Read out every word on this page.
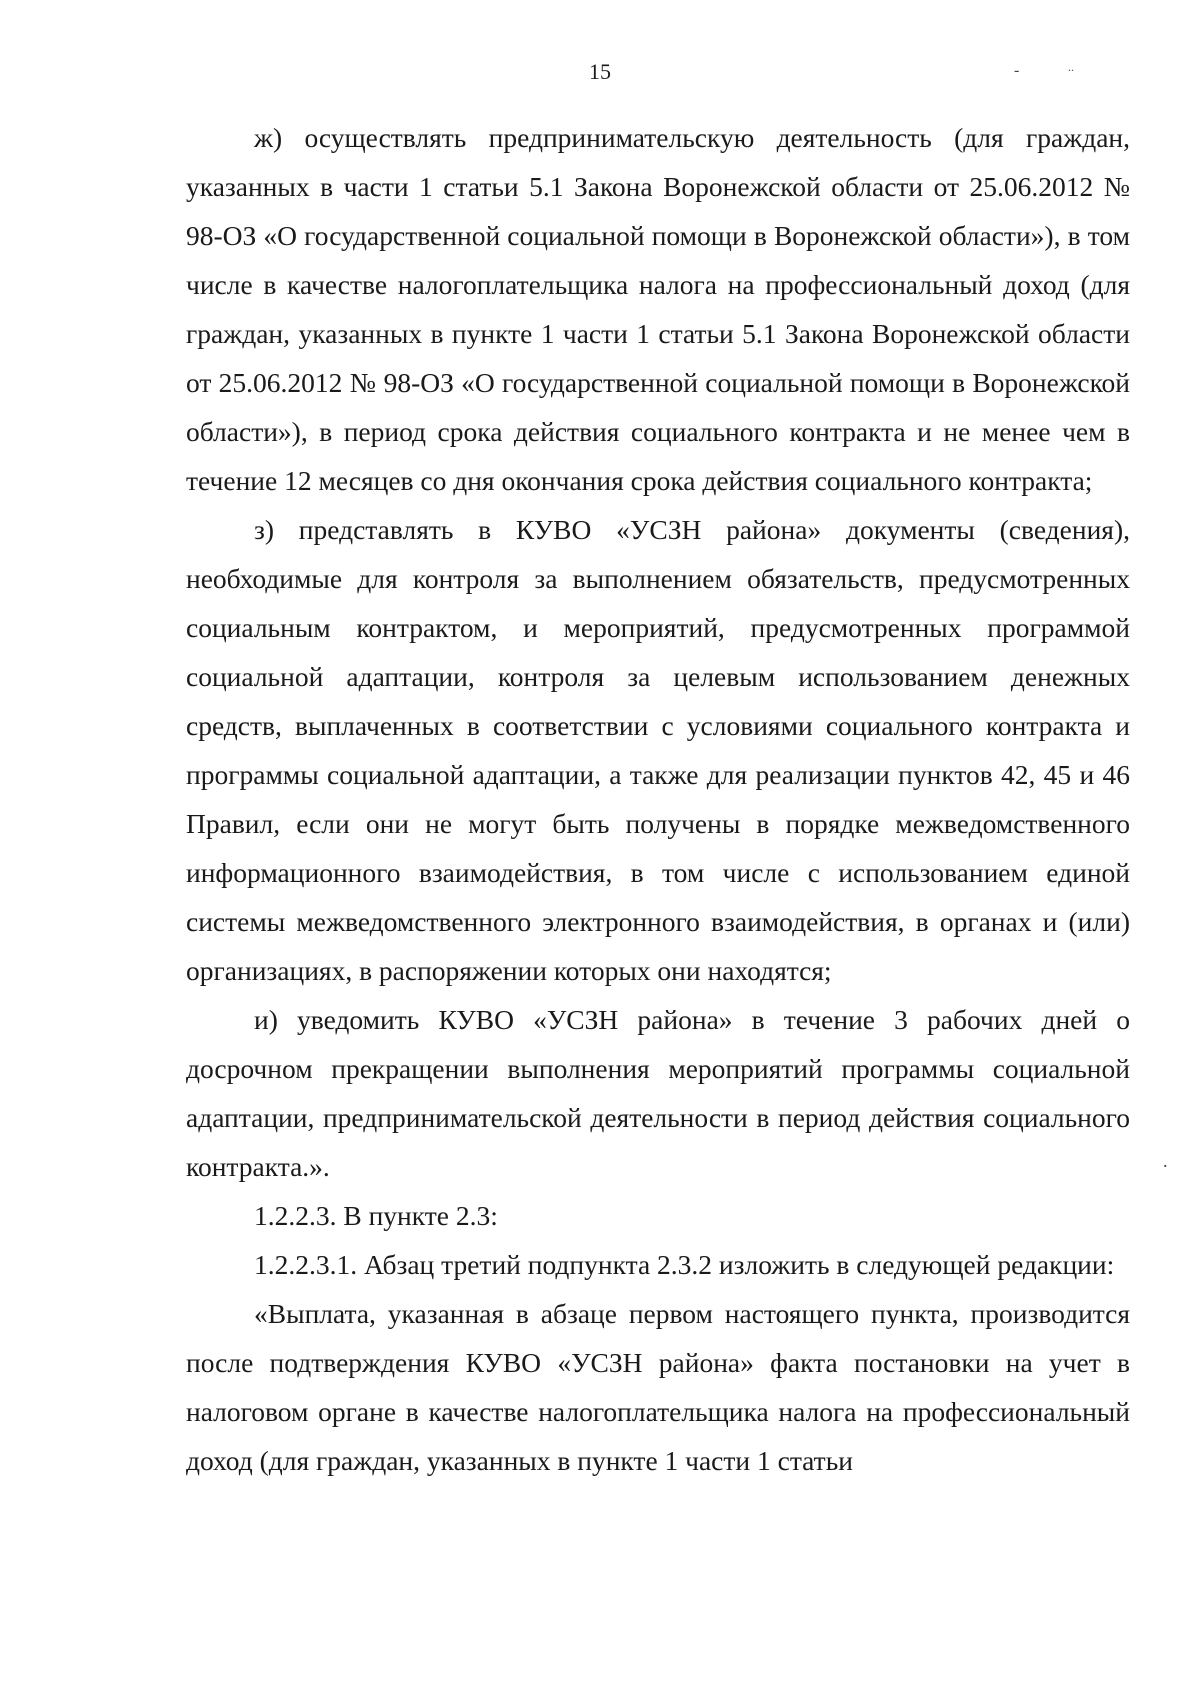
15	-	..
.

ж) осуществлять предпринимательскую деятельность (для граждан, указанных в части 1 статьи 5.1 Закона Воронежской области от 25.06.2012 № 98-ОЗ «О государственной социальной помощи в Воронежской области»), в том числе в качестве налогоплательщика налога на профессиональный доход (для граждан, указанных в пункте 1 части 1 статьи 5.1 Закона Воронежской области от 25.06.2012 № 98-ОЗ «О государственной социальной помощи в Воронежской области»), в период срока действия социального контракта и не менее чем в течение 12 месяцев со дня окончания срока действия социального контракта;

з) представлять в КУВО «УСЗН района» документы (сведения), необходимые для контроля за выполнением обязательств, предусмотренных социальным контрактом, и мероприятий, предусмотренных программой социальной адаптации, контроля за целевым использованием денежных средств, выплаченных в соответствии с условиями социального контракта и программы социальной адаптации, а также для реализации пунктов 42, 45 и 46 Правил, если они не могут быть получены в порядке межведомственного информационного взаимодействия, в том числе с использованием единой системы межведомственного электронного взаимодействия, в органах и (или) организациях, в распоряжении которых они находятся;

и) уведомить КУВО «УСЗН района» в течение 3 рабочих дней о досрочном прекращении выполнения мероприятий программы социальной адаптации, предпринимательской деятельности в период действия социального контракта.».

1.2.2.3. В пункте 2.3:

1.2.2.3.1. Абзац третий подпункта 2.3.2 изложить в следующей редакции:

«Выплата, указанная в абзаце первом настоящего пункта, производится после подтверждения КУВО «УСЗН района» факта постановки на учет в налоговом органе в качестве налогоплательщика налога на профессиональный доход (для граждан, указанных в пункте 1 части 1 статьи
